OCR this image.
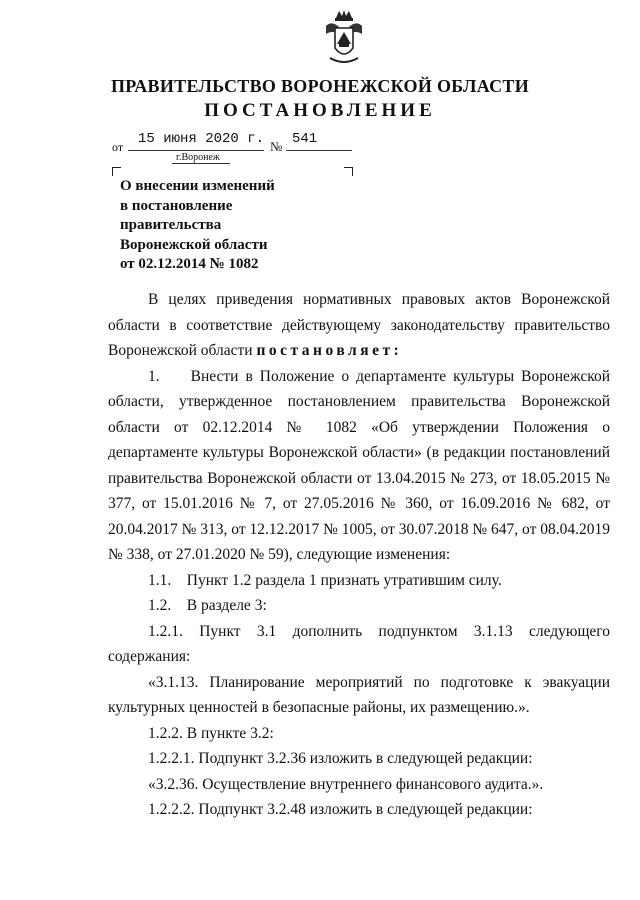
ПРАВИТЕЛЬСТВО ВОРОНЕЖСКОЙ ОБЛАСТИ
ПОСТАНОВЛЕНИЕ
от 15 июня 2020 г. № 541
г.Воронеж
О внесении изменений
в постановление
правительства
Воронежской области
от 02.12.2014 № 1082

В целях приведения нормативных правовых актов Воронежской области в соответствие действующему законодательству правительство Воронежской области постановляет:

1.  Внести в Положение о департаменте культуры Воронежской области, утвержденное постановлением правительства Воронежской области от 02.12.2014 № 1082 «Об утверждении Положения о департаменте культуры Воронежской области» (в редакции постановлений правительства Воронежской области от 13.04.2015 № 273, от 18.05.2015 № 377, от 15.01.2016 № 7, от 27.05.2016 № 360, от 16.09.2016 № 682, от 20.04.2017 № 313, от 12.12.2017 № 1005, от 30.07.2018 № 647, от 08.04.2019 № 338, от 27.01.2020 № 59), следующие изменения:

1.1. Пункт 1.2 раздела 1 признать утратившим силу.

1.2. В разделе 3:

1.2.1. Пункт 3.1 дополнить подпунктом 3.1.13 следующего содержания:

«3.1.13. Планирование мероприятий по подготовке к эвакуации культурных ценностей в безопасные районы, их размещению.».

1.2.2. В пункте 3.2:

1.2.2.1. Подпункт 3.2.36 изложить в следующей редакции:

«3.2.36. Осуществление внутреннего финансового аудита.».

1.2.2.2. Подпункт 3.2.48 изложить в следующей редакции:
